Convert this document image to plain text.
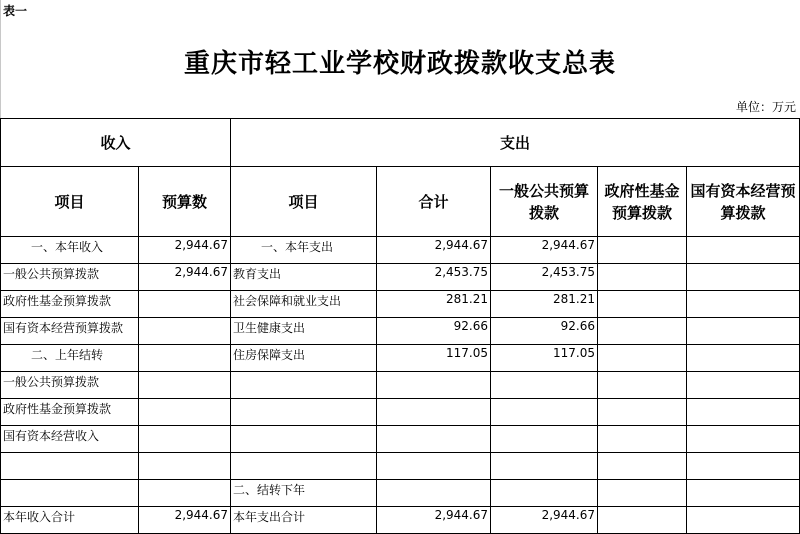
表一
重庆市轻工业学校财政拨款收支总表
单位：万元
收入		支出				
项目	预算数	项目	合计	一般公共预算拨款	政府性基金预算拨款	国有资本经营预算拨款
一、本年收入	2,944.67	一、本年支出	2,944.67	2,944.67		
一般公共预算拨款	2,944.67	教育支出	2,453.75	2,453.75		
政府性基金预算拨款		社会保障和就业支出	281.21	281.21		
国有资本经营预算拨款		卫生健康支出	92.66	92.66		
二、上年结转		住房保障支出	117.05	117.05		
一般公共预算拨款						
政府性基金预算拨款						
国有资本经营收入						

		二、结转下年				
本年收入合计	2,944.67	本年支出合计	2,944.67	2,944.67		
